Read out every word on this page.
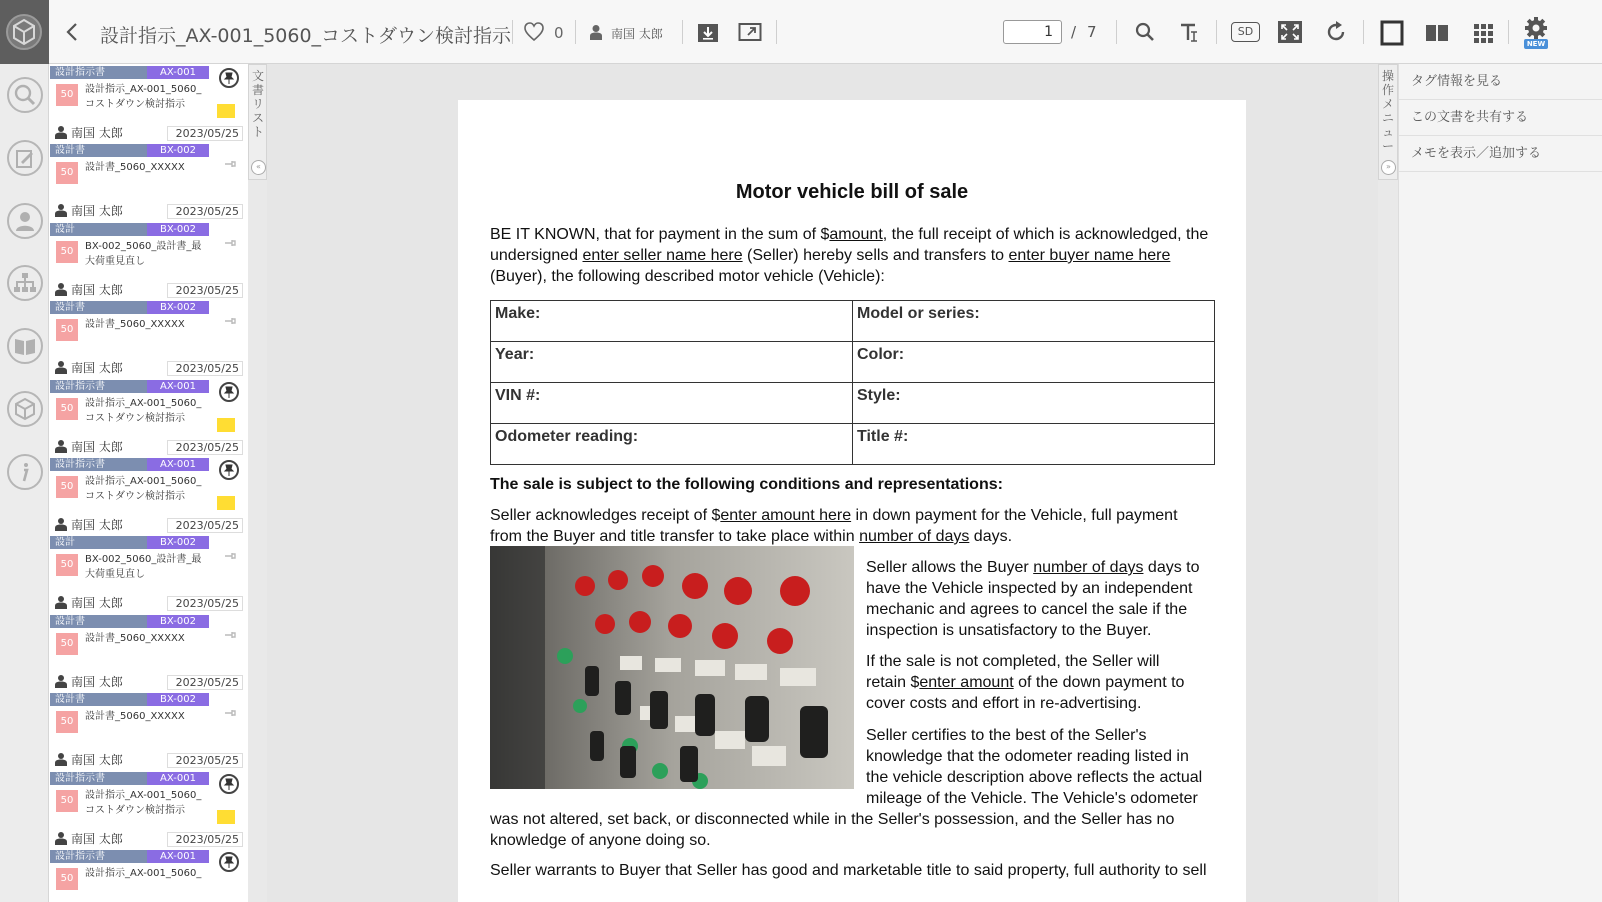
設計指示_AX-001_5060_コストダウン検討指示	0	南国 太郎	1	/ 7	SD
NEW
設計指示書	AX-001
50	設計指示_AX-001_5060_
コストダウン検討指示
南国 太郎	2023/05/25
設計書	BX-002
50	設計書_5060_XXXXX
南国 太郎	2023/05/25
設計	BX-002
50	BX-002_5060_設計書_最
大荷重見直し
南国 太郎	2023/05/25
設計書	BX-002
50	設計書_5060_XXXXX
南国 太郎	2023/05/25
設計指示書	AX-001
50	設計指示_AX-001_5060_
コストダウン検討指示
南国 太郎	2023/05/25
設計指示書	AX-001
50	設計指示_AX-001_5060_
コストダウン検討指示
南国 太郎	2023/05/25
設計	BX-002
50	BX-002_5060_設計書_最
大荷重見直し
南国 太郎	2023/05/25
設計書	BX-002
50	設計書_5060_XXXXX
南国 太郎	2023/05/25
設計書	BX-002
50	設計書_5060_XXXXX
南国 太郎	2023/05/25
設計指示書	AX-001
50	設計指示_AX-001_5060_
コストダウン検討指示
南国 太郎	2023/05/25
設計指示書	AX-001
50	設計指示_AX-001_5060_
文書リスト
«
Motor vehicle bill of sale
BE IT KNOWN, that for payment in the sum of $amount, the full receipt of which is acknowledged, the
undersigned enter seller name here (Seller) hereby sells and transfers to enter buyer name here
(Buyer), the following described motor vehicle (Vehicle):
Make:	Model or series:
Year:	Color:
VIN #:	Style:
Odometer reading:	Title #:
The sale is subject to the following conditions and representations:
Seller acknowledges receipt of $enter amount here in down payment for the Vehicle, full payment
from the Buyer and title transfer to take place within number of days days.
Seller allows the Buyer number of days days to
have the Vehicle inspected by an independent
mechanic and agrees to cancel the sale if the
inspection is unsatisfactory to the Buyer.
If the sale is not completed, the Seller will
retain $enter amount of the down payment to
cover costs and effort in re-advertising.
Seller certifies to the best of the Seller's
knowledge that the odometer reading listed in
the vehicle description above reflects the actual
mileage of the Vehicle. The Vehicle's odometer
was not altered, set back, or disconnected while in the Seller's possession, and the Seller has no
knowledge of anyone doing so.
Seller warrants to Buyer that Seller has good and marketable title to said property, full authority to sell
操作メニュー
»
タグ情報を見る
この文書を共有する
メモを表示／追加する
